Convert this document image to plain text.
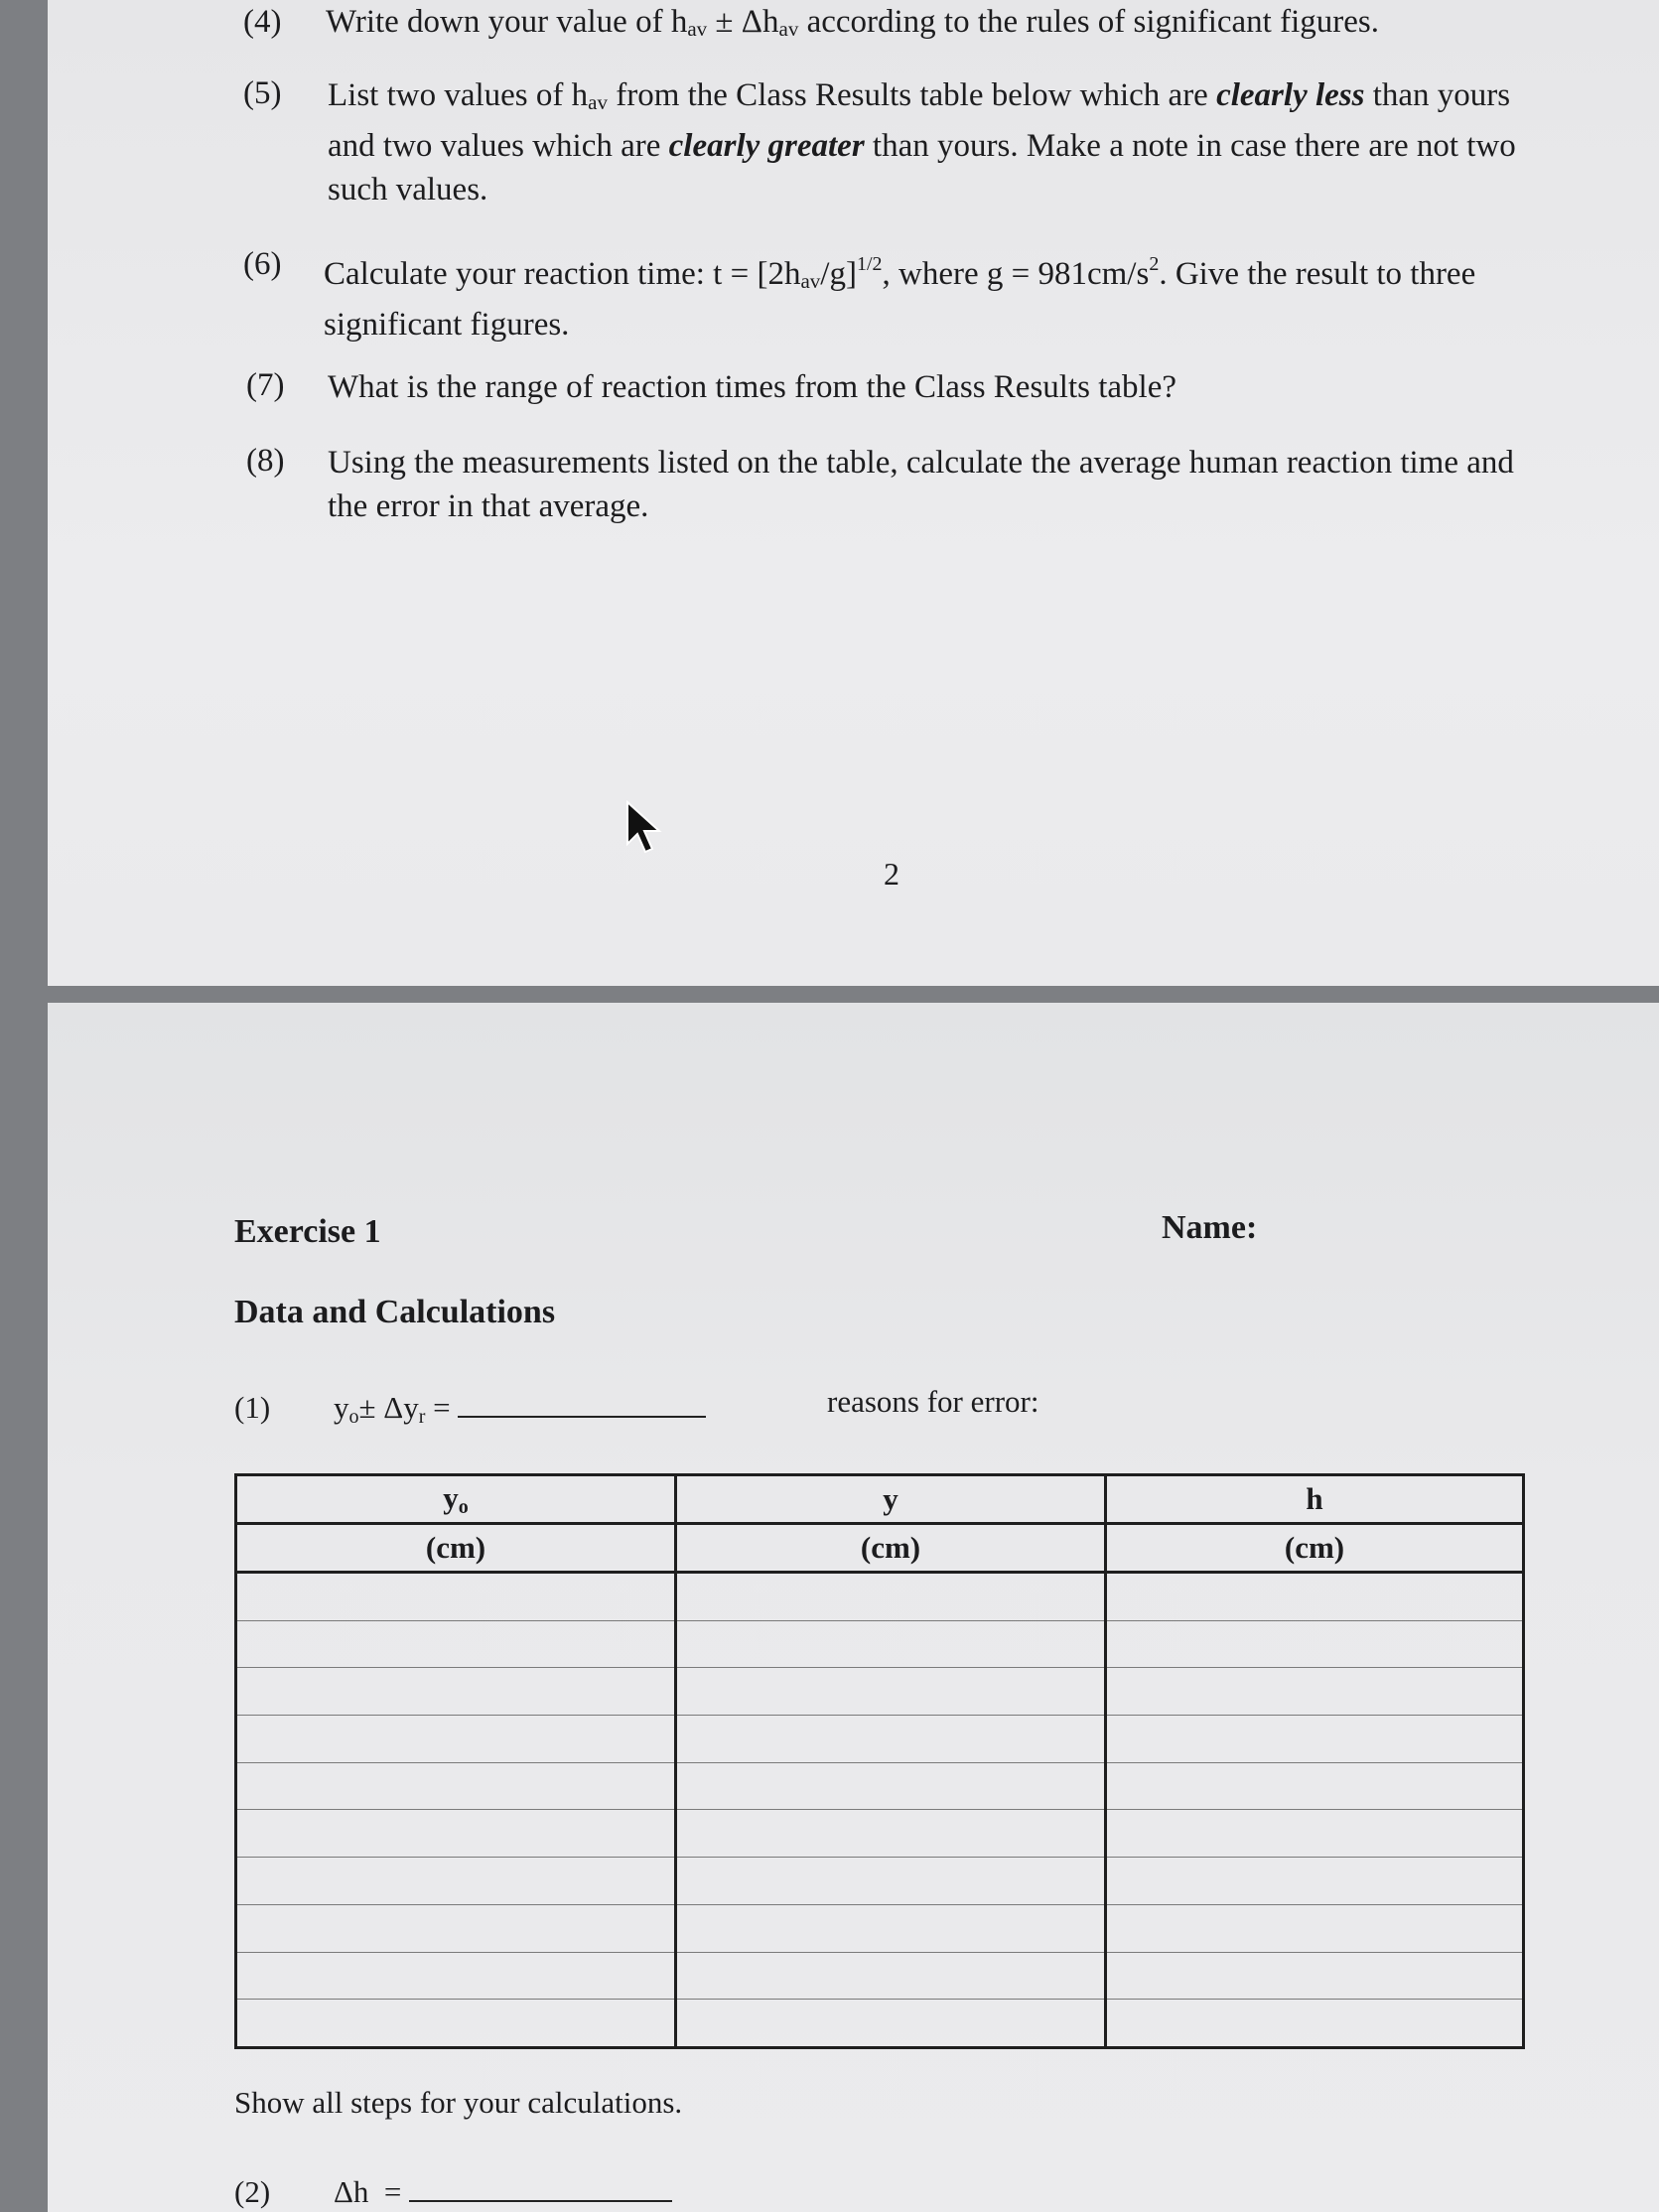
(4) Write down your value of hav ± Δhav according to the rules of significant figures.
(5) List two values of hav from the Class Results table below which are clearly less than yours
and two values which are clearly greater than yours. Make a note in case there are not two
such values.
(6) Calculate your reaction time: $t = [2hav/g]^{1/2}$, where $g = 981cm/s^2$. Give the result to three
significant figures.
(7) What is the range of reaction times from the Class Results table?
(8) Using the measurements listed on the table, calculate the average human reaction time and
the error in that average.
2
Exercise 1	Name:
Data and Calculations
(1) yo± Δyr =	reasons for error:
yo	y	h
(cm)	(cm)	(cm)

Show all steps for your calculations.
(2) Δh  =
